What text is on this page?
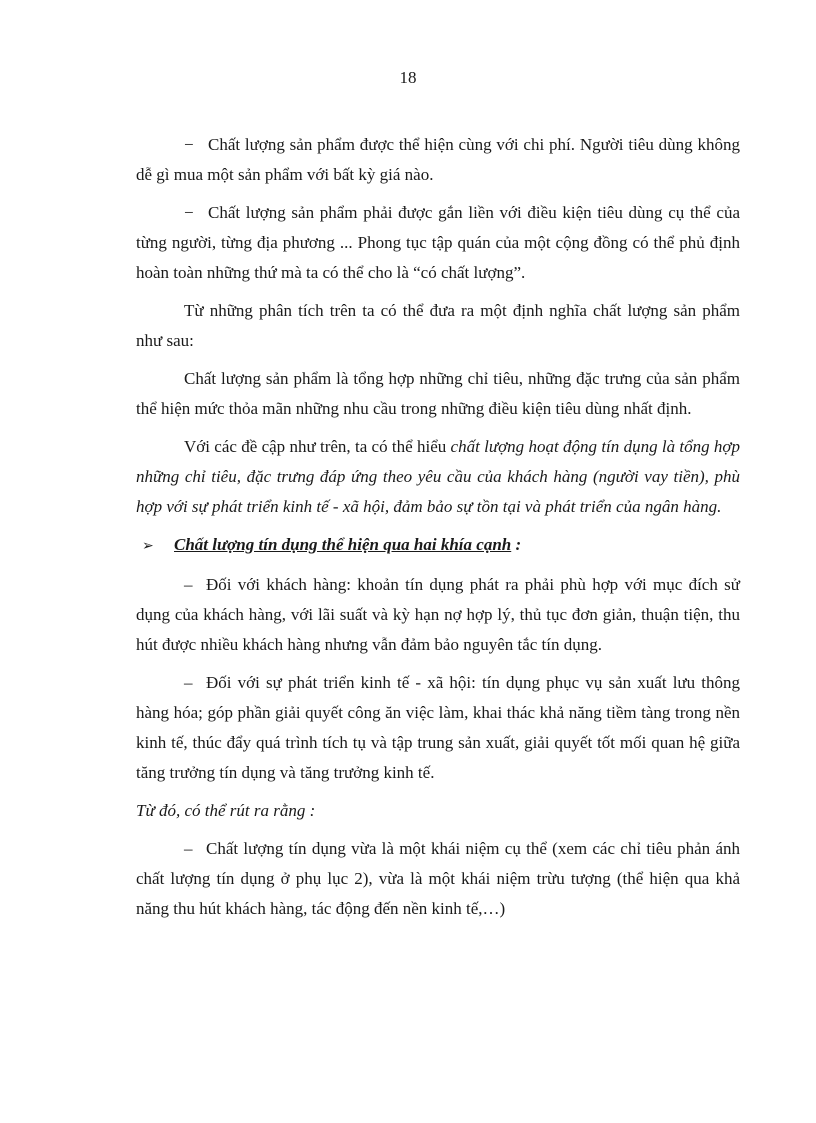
18

− Chất lượng sản phẩm được thể hiện cùng với chi phí. Người tiêu dùng không dễ gì mua một sản phẩm với bất kỳ giá nào.

− Chất lượng sản phẩm phải được gắn liền với điều kiện tiêu dùng cụ thể của từng người, từng địa phương ... Phong tục tập quán của một cộng đồng có thể phủ định hoàn toàn những thứ mà ta có thể cho là “có chất lượng”.

Từ những phân tích trên ta có thể đưa ra một định nghĩa chất lượng sản phẩm như sau:

Chất lượng sản phẩm là tổng hợp những chỉ tiêu, những đặc trưng của sản phẩm thể hiện mức thỏa mãn những nhu cầu trong những điều kiện tiêu dùng nhất định.

Với các đề cập như trên, ta có thể hiểu chất lượng hoạt động tín dụng là tổng hợp những chỉ tiêu, đặc trưng đáp ứng theo yêu cầu của khách hàng (người vay tiền), phù hợp với sự phát triển kinh tế - xã hội, đảm bảo sự tồn tại và phát triển của ngân hàng.

➢ Chất lượng tín dụng thể hiện qua hai khía cạnh :

– Đối với khách hàng: khoản tín dụng phát ra phải phù hợp với mục đích sử dụng của khách hàng, với lãi suất và kỳ hạn nợ hợp lý, thủ tục đơn giản, thuận tiện, thu hút được nhiều khách hàng nhưng vẫn đảm bảo nguyên tắc tín dụng.

– Đối với sự phát triển kinh tế - xã hội: tín dụng phục vụ sản xuất lưu thông hàng hóa; góp phần giải quyết công ăn việc làm, khai thác khả năng tiềm tàng trong nền kinh tế, thúc đẩy quá trình tích tụ và tập trung sản xuất, giải quyết tốt mối quan hệ giữa tăng trưởng tín dụng và tăng trưởng kinh tế.

Từ đó, có thể rút ra rằng :

– Chất lượng tín dụng vừa là một khái niệm cụ thể (xem các chỉ tiêu phản ánh chất lượng tín dụng ở phụ lục 2), vừa là một khái niệm trừu tượng (thể hiện qua khả năng thu hút khách hàng, tác động đến nền kinh tế,…)
